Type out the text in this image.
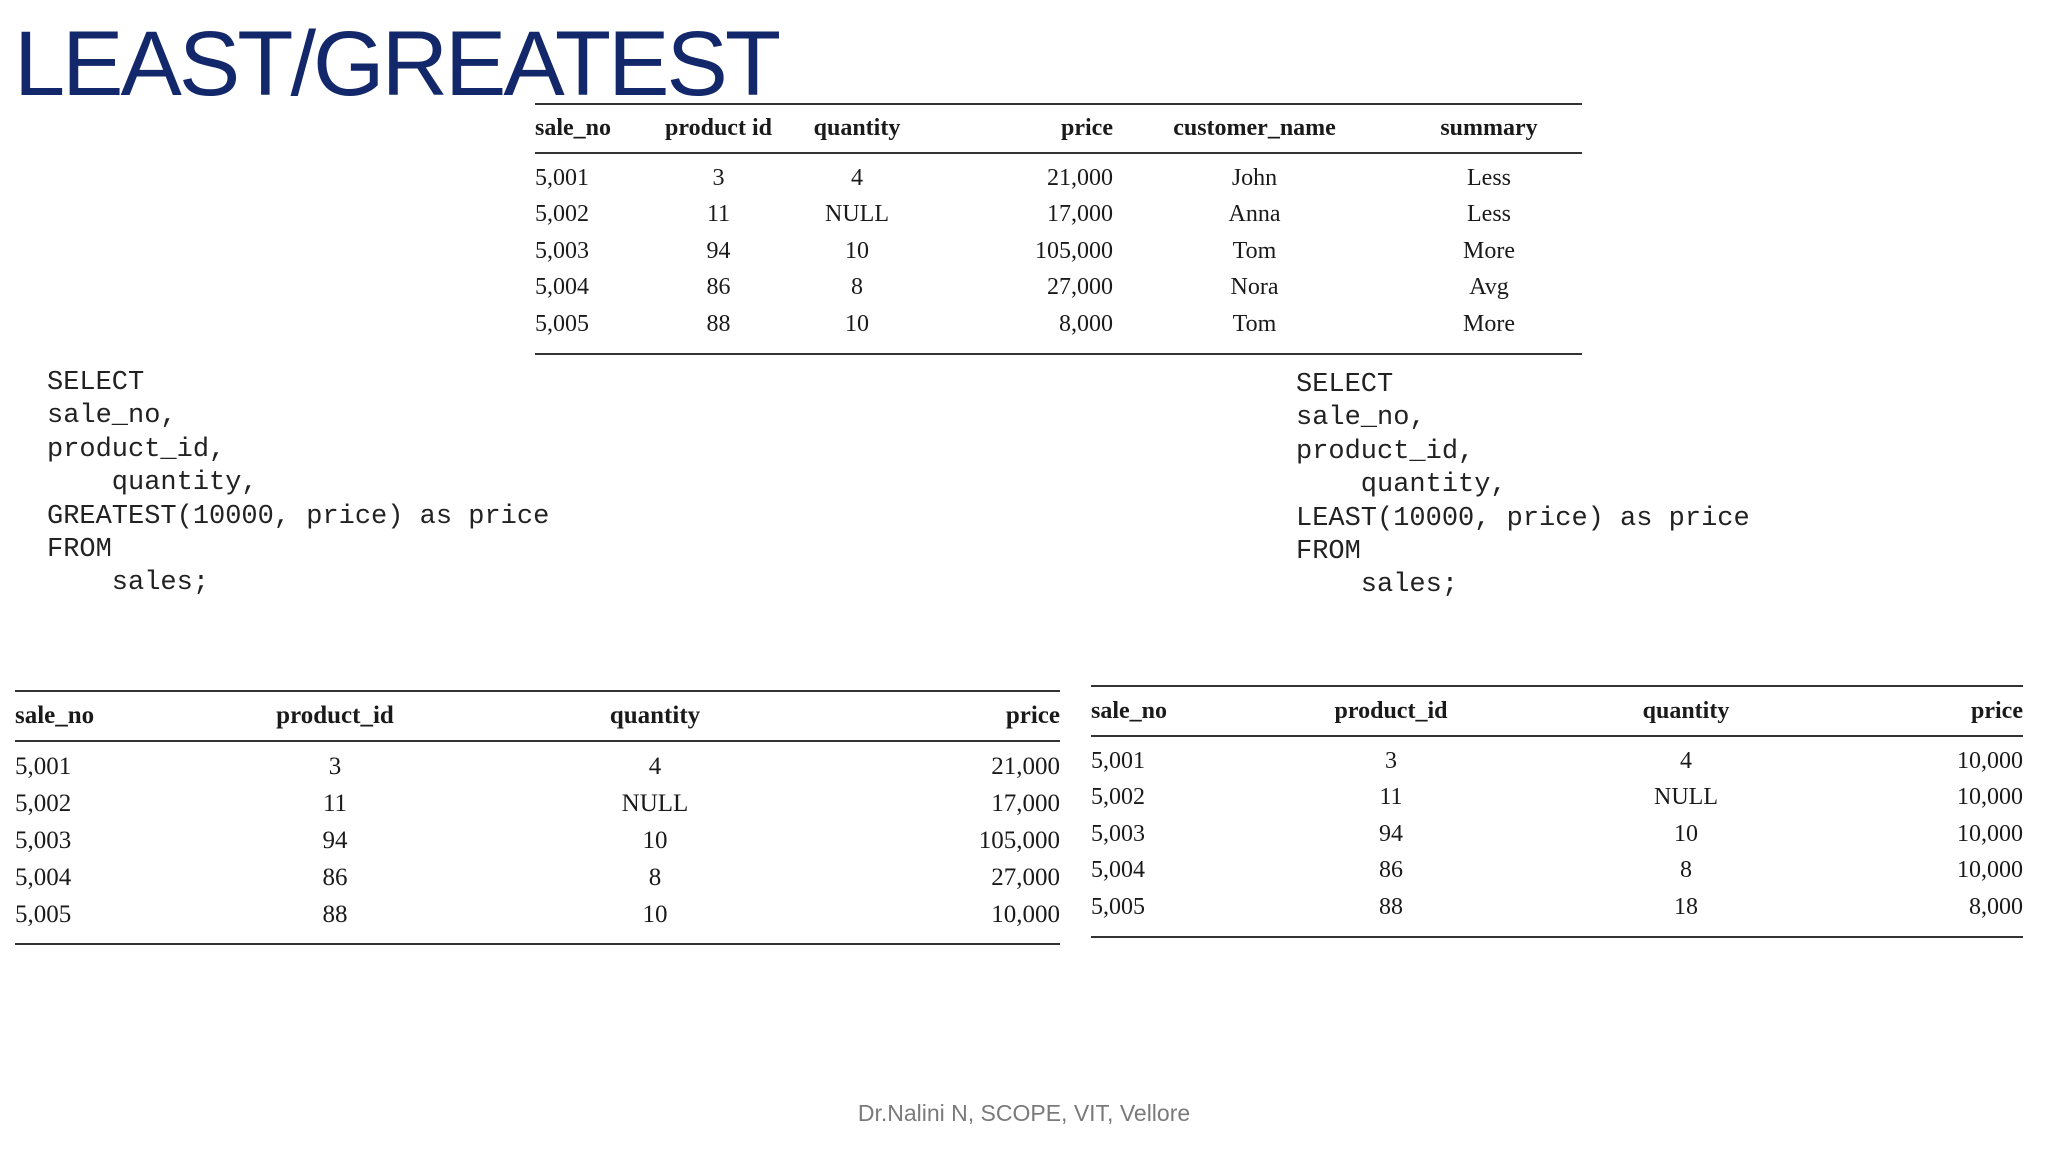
LEAST/GREATEST
sale_no	product id	quantity	price	customer_name	summary
5,001	3	4	21,000	John	Less
5,002	11	NULL	17,000	Anna	Less
5,003	94	10	105,000	Tom	More
5,004	86	8	27,000	Nora	Avg
5,005	88	10	8,000	Tom	More
SELECT
sale_no,
product_id,
quantity,
GREATEST(10000, price) as price
FROM
sales;
SELECT
sale_no,
product_id,
quantity,
LEAST(10000, price) as price
FROM
sales;
sale_no	product_id	quantity	price
5,001	3	4	21,000
5,002	11	NULL	17,000
5,003	94	10	105,000
5,004	86	8	27,000
5,005	88	10	10,000
sale_no	product_id	quantity	price
5,001	3	4	10,000
5,002	11	NULL	10,000
5,003	94	10	10,000
5,004	86	8	10,000
5,005	88	18	8,000
Dr.Nalini N, SCOPE, VIT, Vellore
